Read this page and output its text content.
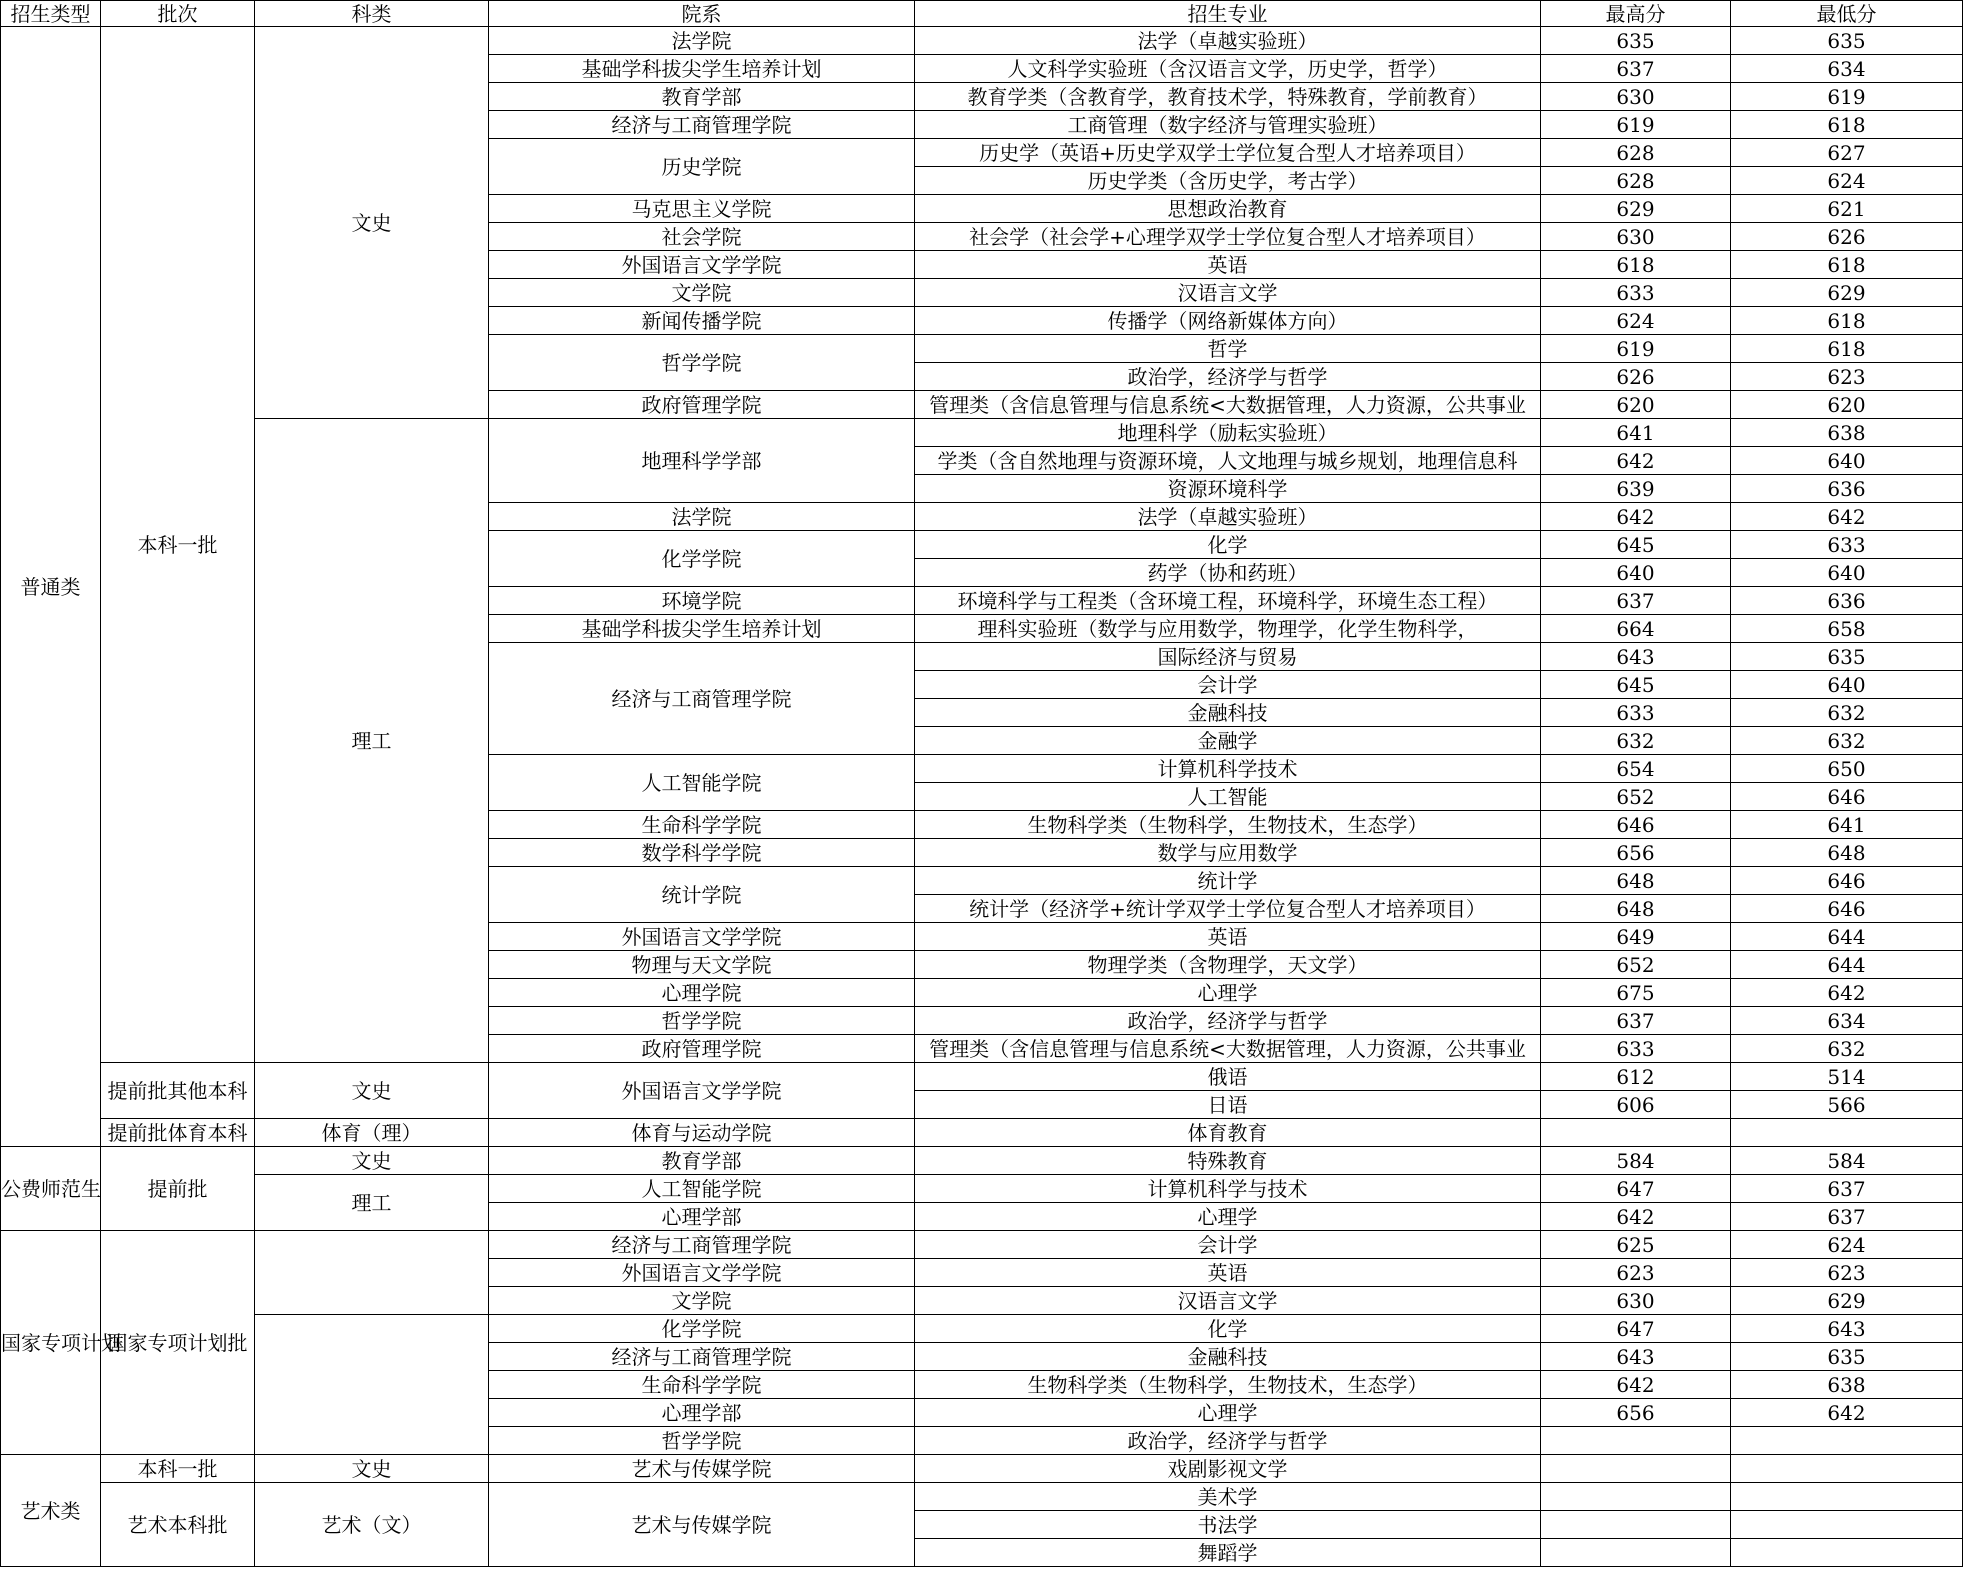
招生类型	批次	科类	院系	招生专业	最高分	最低分
普通类	本科一批	文史	法学院	法学（卓越实验班）	635	635
			基础学科拔尖学生培养计划	人文科学实验班（含汉语言文学，历史学，哲学）	637	634
			教育学部	教育学类（含教育学，教育技术学，特殊教育，学前教育）	630	619
			经济与工商管理学院	工商管理（数字经济与管理实验班）	619	618
			历史学院	历史学（英语+历史学双学士学位复合型人才培养项目）	628	627
				历史学类（含历史学，考古学）	628	624
			马克思主义学院	思想政治教育	629	621
			社会学院	社会学（社会学+心理学双学士学位复合型人才培养项目）	630	626
			外国语言文学学院	英语	618	618
			文学院	汉语言文学	633	629
			新闻传播学院	传播学（网络新媒体方向）	624	618
			哲学学院	哲学	619	618
				政治学，经济学与哲学	626	623
			政府管理学院	管理类（含信息管理与信息系统<大数据管理，人力资源，公共事业	620	620
		理工	地理科学学部	地理科学（励耘实验班）	641	638
				学类（含自然地理与资源环境，人文地理与城乡规划，地理信息科	642	640
				资源环境科学	639	636
			法学院	法学（卓越实验班）	642	642
			化学学院	化学	645	633
				药学（协和药班）	640	640
			环境学院	环境科学与工程类（含环境工程，环境科学，环境生态工程）	637	636
			基础学科拔尖学生培养计划	理科实验班（数学与应用数学，物理学，化学生物科学，	664	658
			经济与工商管理学院	国际经济与贸易	643	635
				会计学	645	640
				金融科技	633	632
				金融学	632	632
			人工智能学院	计算机科学技术	654	650
				人工智能	652	646
			生命科学学院	生物科学类（生物科学，生物技术，生态学）	646	641
			数学科学学院	数学与应用数学	656	648
			统计学院	统计学	648	646
				统计学（经济学+统计学双学士学位复合型人才培养项目）	648	646
			外国语言文学学院	英语	649	644
			物理与天文学院	物理学类（含物理学，天文学）	652	644
			心理学院	心理学	675	642
			哲学学院	政治学，经济学与哲学	637	634
			政府管理学院	管理类（含信息管理与信息系统<大数据管理，人力资源，公共事业	633	632
	提前批其他本科	文史	外国语言文学学院	俄语	612	514
				日语	606	566
	提前批体育本科	体育（理）	体育与运动学院	体育教育		
公费师范生	提前批	文史	教育学部	特殊教育	584	584
		理工	人工智能学院	计算机科学与技术	647	637
			心理学部	心理学	642	637
国家专项计划	国家专项计划批		经济与工商管理学院	会计学	625	624
			外国语言文学学院	英语	623	623
			文学院	汉语言文学	630	629
			化学学院	化学	647	643
			经济与工商管理学院	金融科技	643	635
			生命科学学院	生物科学类（生物科学，生物技术，生态学）	642	638
			心理学部	心理学	656	642
			哲学学院	政治学，经济学与哲学		
艺术类	本科一批	文史	艺术与传媒学院	戏剧影视文学		
	艺术本科批	艺术（文）	艺术与传媒学院	美术学		
				书法学		
				舞蹈学		
